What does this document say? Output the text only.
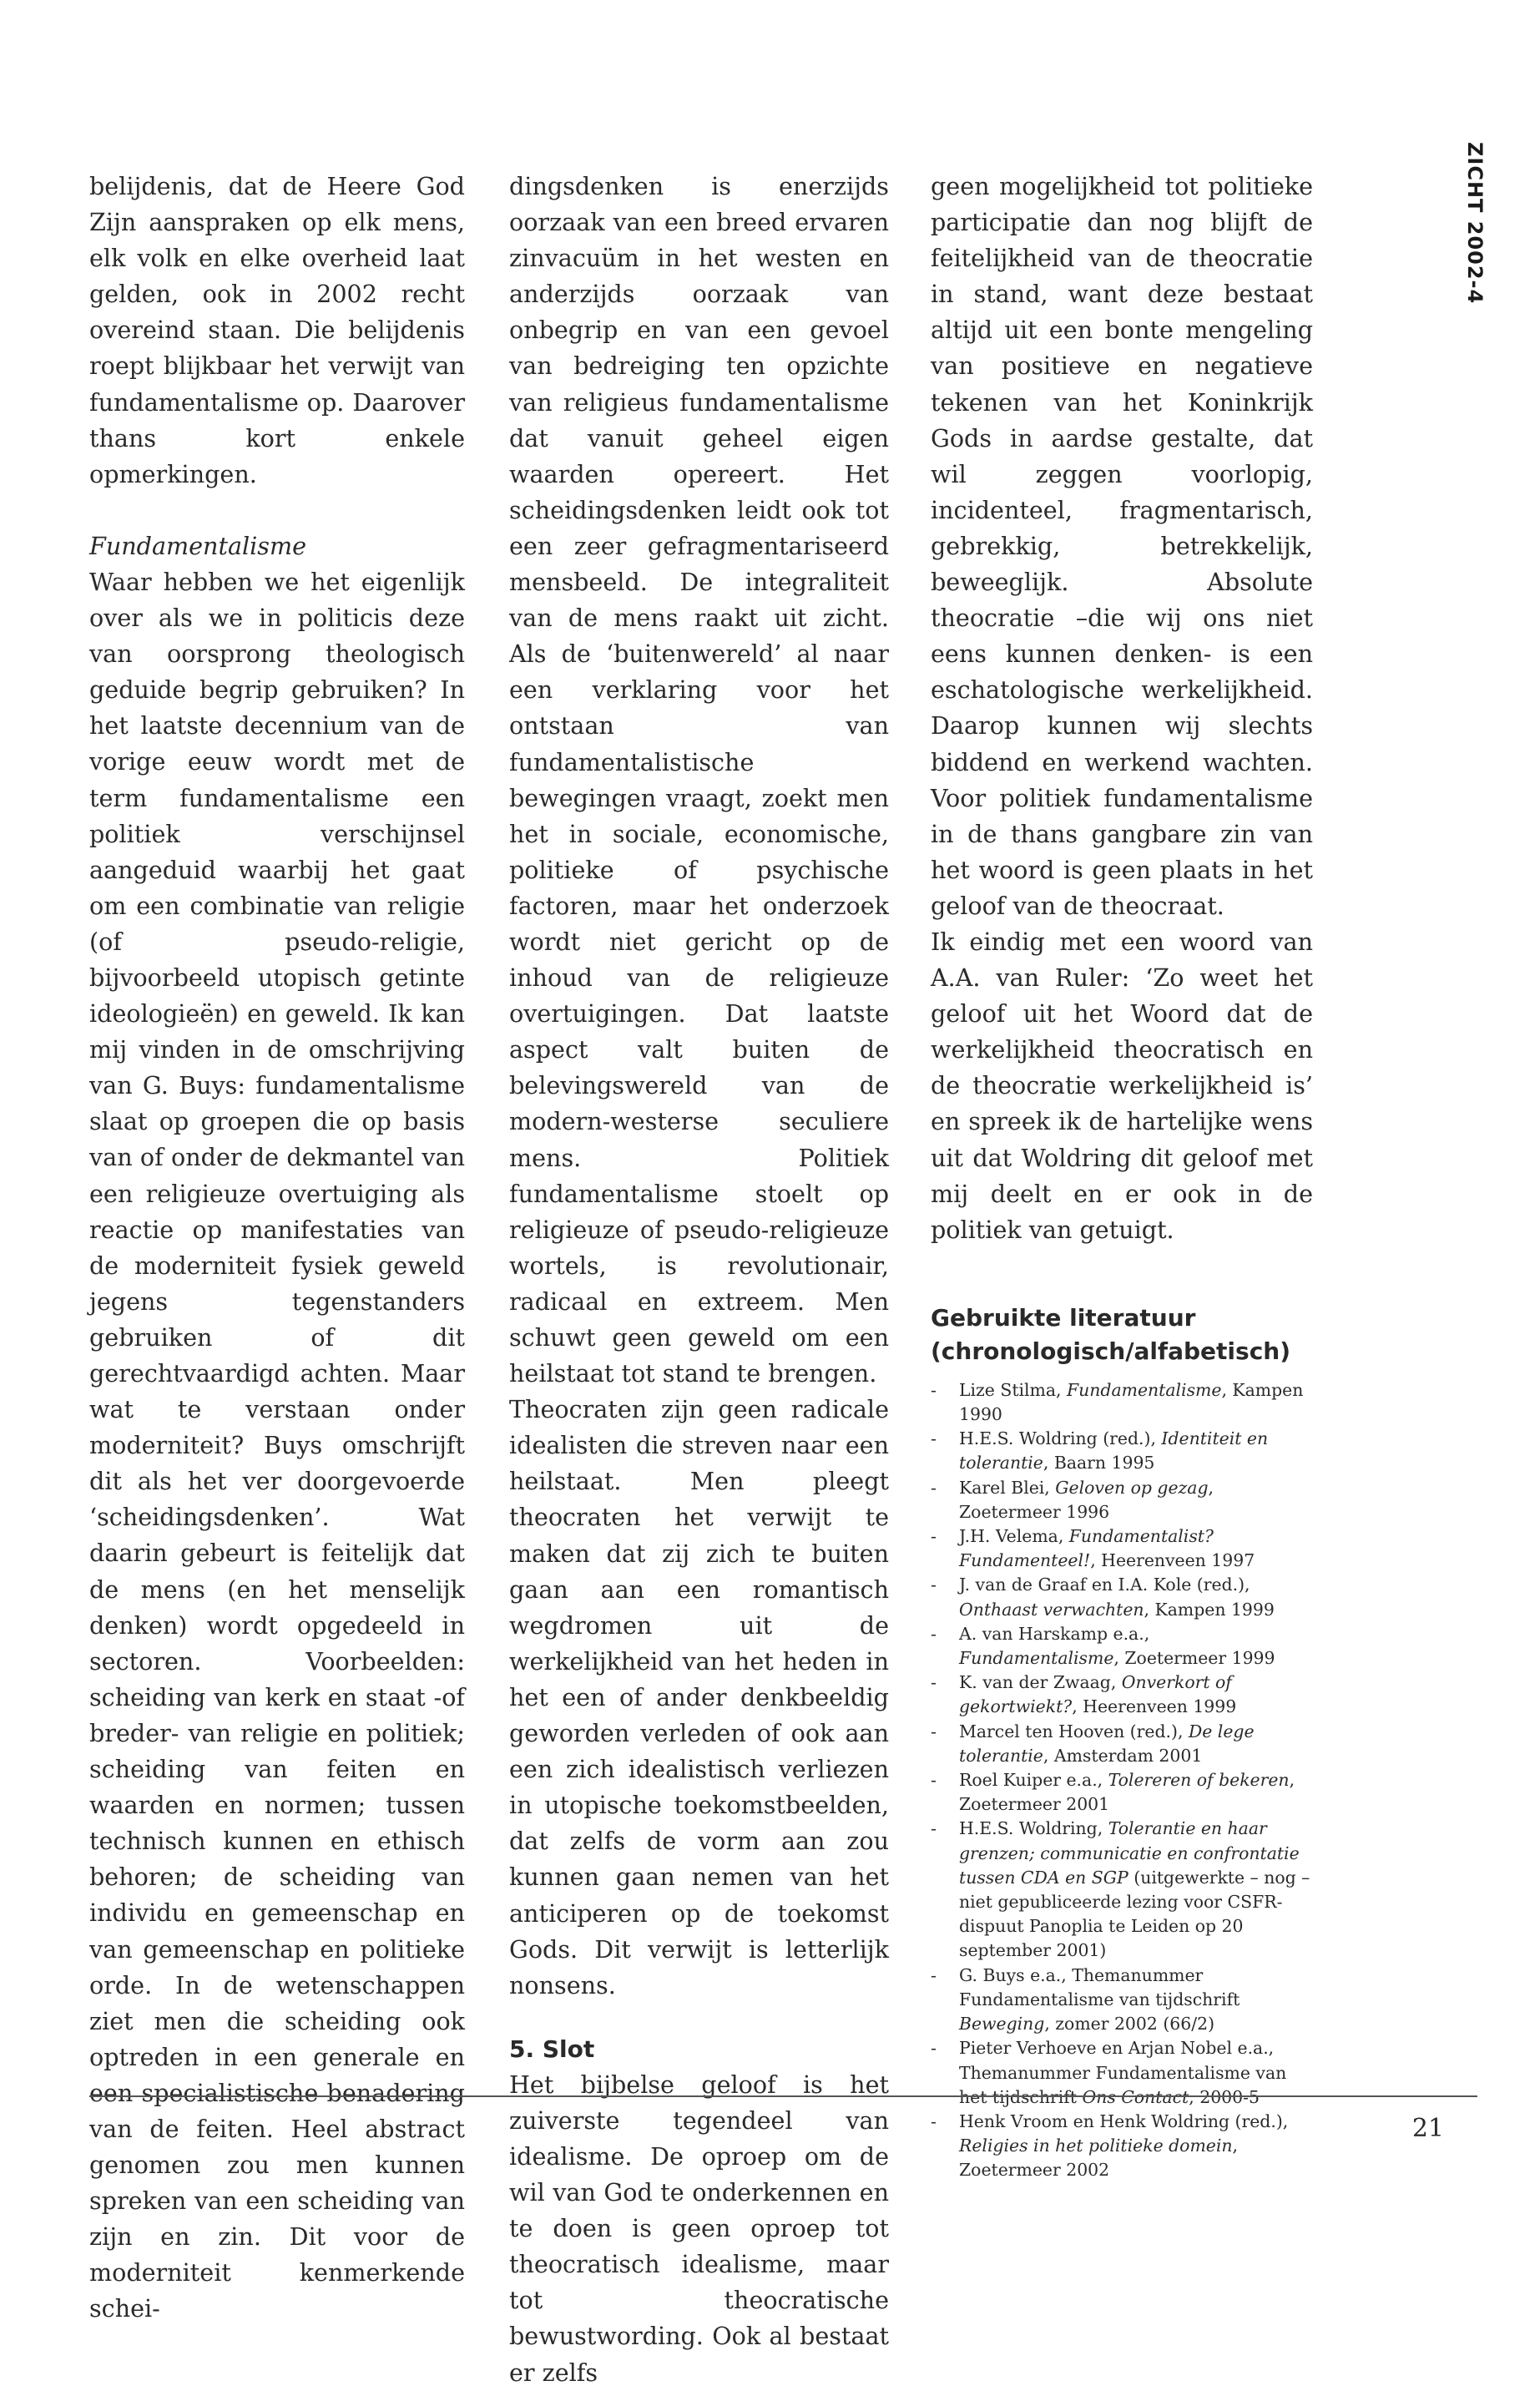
ZICHT 2002-4

belijdenis, dat de Heere God Zijn aanspraken op elk mens, elk volk en elke overheid laat gelden, ook in 2002 recht overeind staan. Die belijdenis roept blijkbaar het verwijt van fundamentalisme op. Daarover thans kort enkele opmerkingen.

Fundamentalisme

Waar hebben we het eigenlijk over als we in politicis deze van oorsprong theologisch geduide begrip gebruiken? In het laatste decennium van de vorige eeuw wordt met de term fundamentalisme een politiek verschijnsel aangeduid waarbij het gaat om een combinatie van religie (of pseudo-religie, bijvoorbeeld utopisch getinte ideologieën) en geweld. Ik kan mij vinden in de omschrijving van G. Buys: fundamentalisme slaat op groepen die op basis van of onder de dekmantel van een religieuze overtuiging als reactie op manifestaties van de moderniteit fysiek geweld jegens tegenstanders gebruiken of dit gerechtvaardigd achten. Maar wat te verstaan onder moderniteit? Buys omschrijft dit als het ver doorgevoerde ‘scheidingsdenken’. Wat daarin gebeurt is feitelijk dat de mens (en het menselijk denken) wordt opgedeeld in sectoren. Voorbeelden: scheiding van kerk en staat -of breder- van religie en politiek; scheiding van feiten en waarden en normen; tussen technisch kunnen en ethisch behoren; de scheiding van individu en gemeenschap en van gemeenschap en politieke orde. In de wetenschappen ziet men die scheiding ook optreden in een generale en een specialistische benadering van de feiten. Heel abstract genomen zou men kunnen spreken van een scheiding van zijn en zin. Dit voor de moderniteit kenmerkende schei-

dingsdenken is enerzijds oorzaak van een breed ervaren zinvacuüm in het westen en anderzijds oorzaak van onbegrip en van een gevoel van bedreiging ten opzichte van religieus fundamentalisme dat vanuit geheel eigen waarden opereert. Het scheidingsdenken leidt ook tot een zeer gefragmentariseerd mensbeeld. De integraliteit van de mens raakt uit zicht. Als de ‘buitenwereld’ al naar een verklaring voor het ontstaan van fundamentalistische bewegingen vraagt, zoekt men het in sociale, economische, politieke of psychische factoren, maar het onderzoek wordt niet gericht op de inhoud van de religieuze overtuigingen. Dat laatste aspect valt buiten de belevingswereld van de modern-westerse seculiere mens. Politiek fundamentalisme stoelt op religieuze of pseudo-religieuze wortels, is revolutionair, radicaal en extreem. Men schuwt geen geweld om een heilstaat tot stand te brengen.

Theocraten zijn geen radicale idealisten die streven naar een heilstaat. Men pleegt theocraten het verwijt te maken dat zij zich te buiten gaan aan een romantisch wegdromen uit de werkelijkheid van het heden in het een of ander denkbeeldig geworden verleden of ook aan een zich idealistisch verliezen in utopische toekomstbeelden, dat zelfs de vorm aan zou kunnen gaan nemen van het anticiperen op de toekomst Gods. Dit verwijt is letterlijk nonsens.

5. Slot

Het bijbelse geloof is het zuiverste tegendeel van idealisme. De oproep om de wil van God te onderkennen en te doen is geen oproep tot theocratisch idealisme, maar tot theocratische bewustwording. Ook al bestaat er zelfs

geen mogelijkheid tot politieke participatie dan nog blijft de feitelijkheid van de theocratie in stand, want deze bestaat altijd uit een bonte mengeling van positieve en negatieve tekenen van het Koninkrijk Gods in aardse gestalte, dat wil zeggen voorlopig, incidenteel, fragmentarisch, gebrekkig, betrekkelijk, beweeglijk. Absolute theocratie –die wij ons niet eens kunnen denken- is een eschatologische werkelijkheid. Daarop kunnen wij slechts biddend en werkend wachten. Voor politiek fundamentalisme in de thans gangbare zin van het woord is geen plaats in het geloof van de theocraat.

Ik eindig met een woord van A.A. van Ruler: ‘Zo weet het geloof uit het Woord dat de werkelijkheid theocratisch en de theocratie werkelijkheid is’ en spreek ik de hartelijke wens uit dat Woldring dit geloof met mij deelt en er ook in de politiek van getuigt.

Gebruikte literatuur (chronologisch/alfabetisch)

- Lize Stilma, Fundamentalisme, Kampen 1990
- H.E.S. Woldring (red.), Identiteit en tolerantie, Baarn 1995
- Karel Blei, Geloven op gezag, Zoetermeer 1996
- J.H. Velema, Fundamentalist? Fundamenteel!, Heerenveen 1997
- J. van de Graaf en I.A. Kole (red.), Onthaast verwachten, Kampen 1999
- A. van Harskamp e.a., Fundamentalisme, Zoetermeer 1999
- K. van der Zwaag, Onverkort of gekortwiekt?, Heerenveen 1999
- Marcel ten Hooven (red.), De lege tolerantie, Amsterdam 2001
- Roel Kuiper e.a., Tolereren of bekeren, Zoetermeer 2001
- H.E.S. Woldring, Tolerantie en haar grenzen; communicatie en confrontatie tussen CDA en SGP (uitgewerkte – nog – niet gepubliceerde lezing voor CSFR-dispuut Panoplia te Leiden op 20 september 2001)
- G. Buys e.a., Themanummer Fundamentalisme van tijdschrift Beweging, zomer 2002 (66/2)
- Pieter Verhoeve en Arjan Nobel e.a., Themanummer Fundamentalisme van het tijdschrift Ons Contact, 2000-5
- Henk Vroom en Henk Woldring (red.), Religies in het politieke domein, Zoetermeer 2002
21
